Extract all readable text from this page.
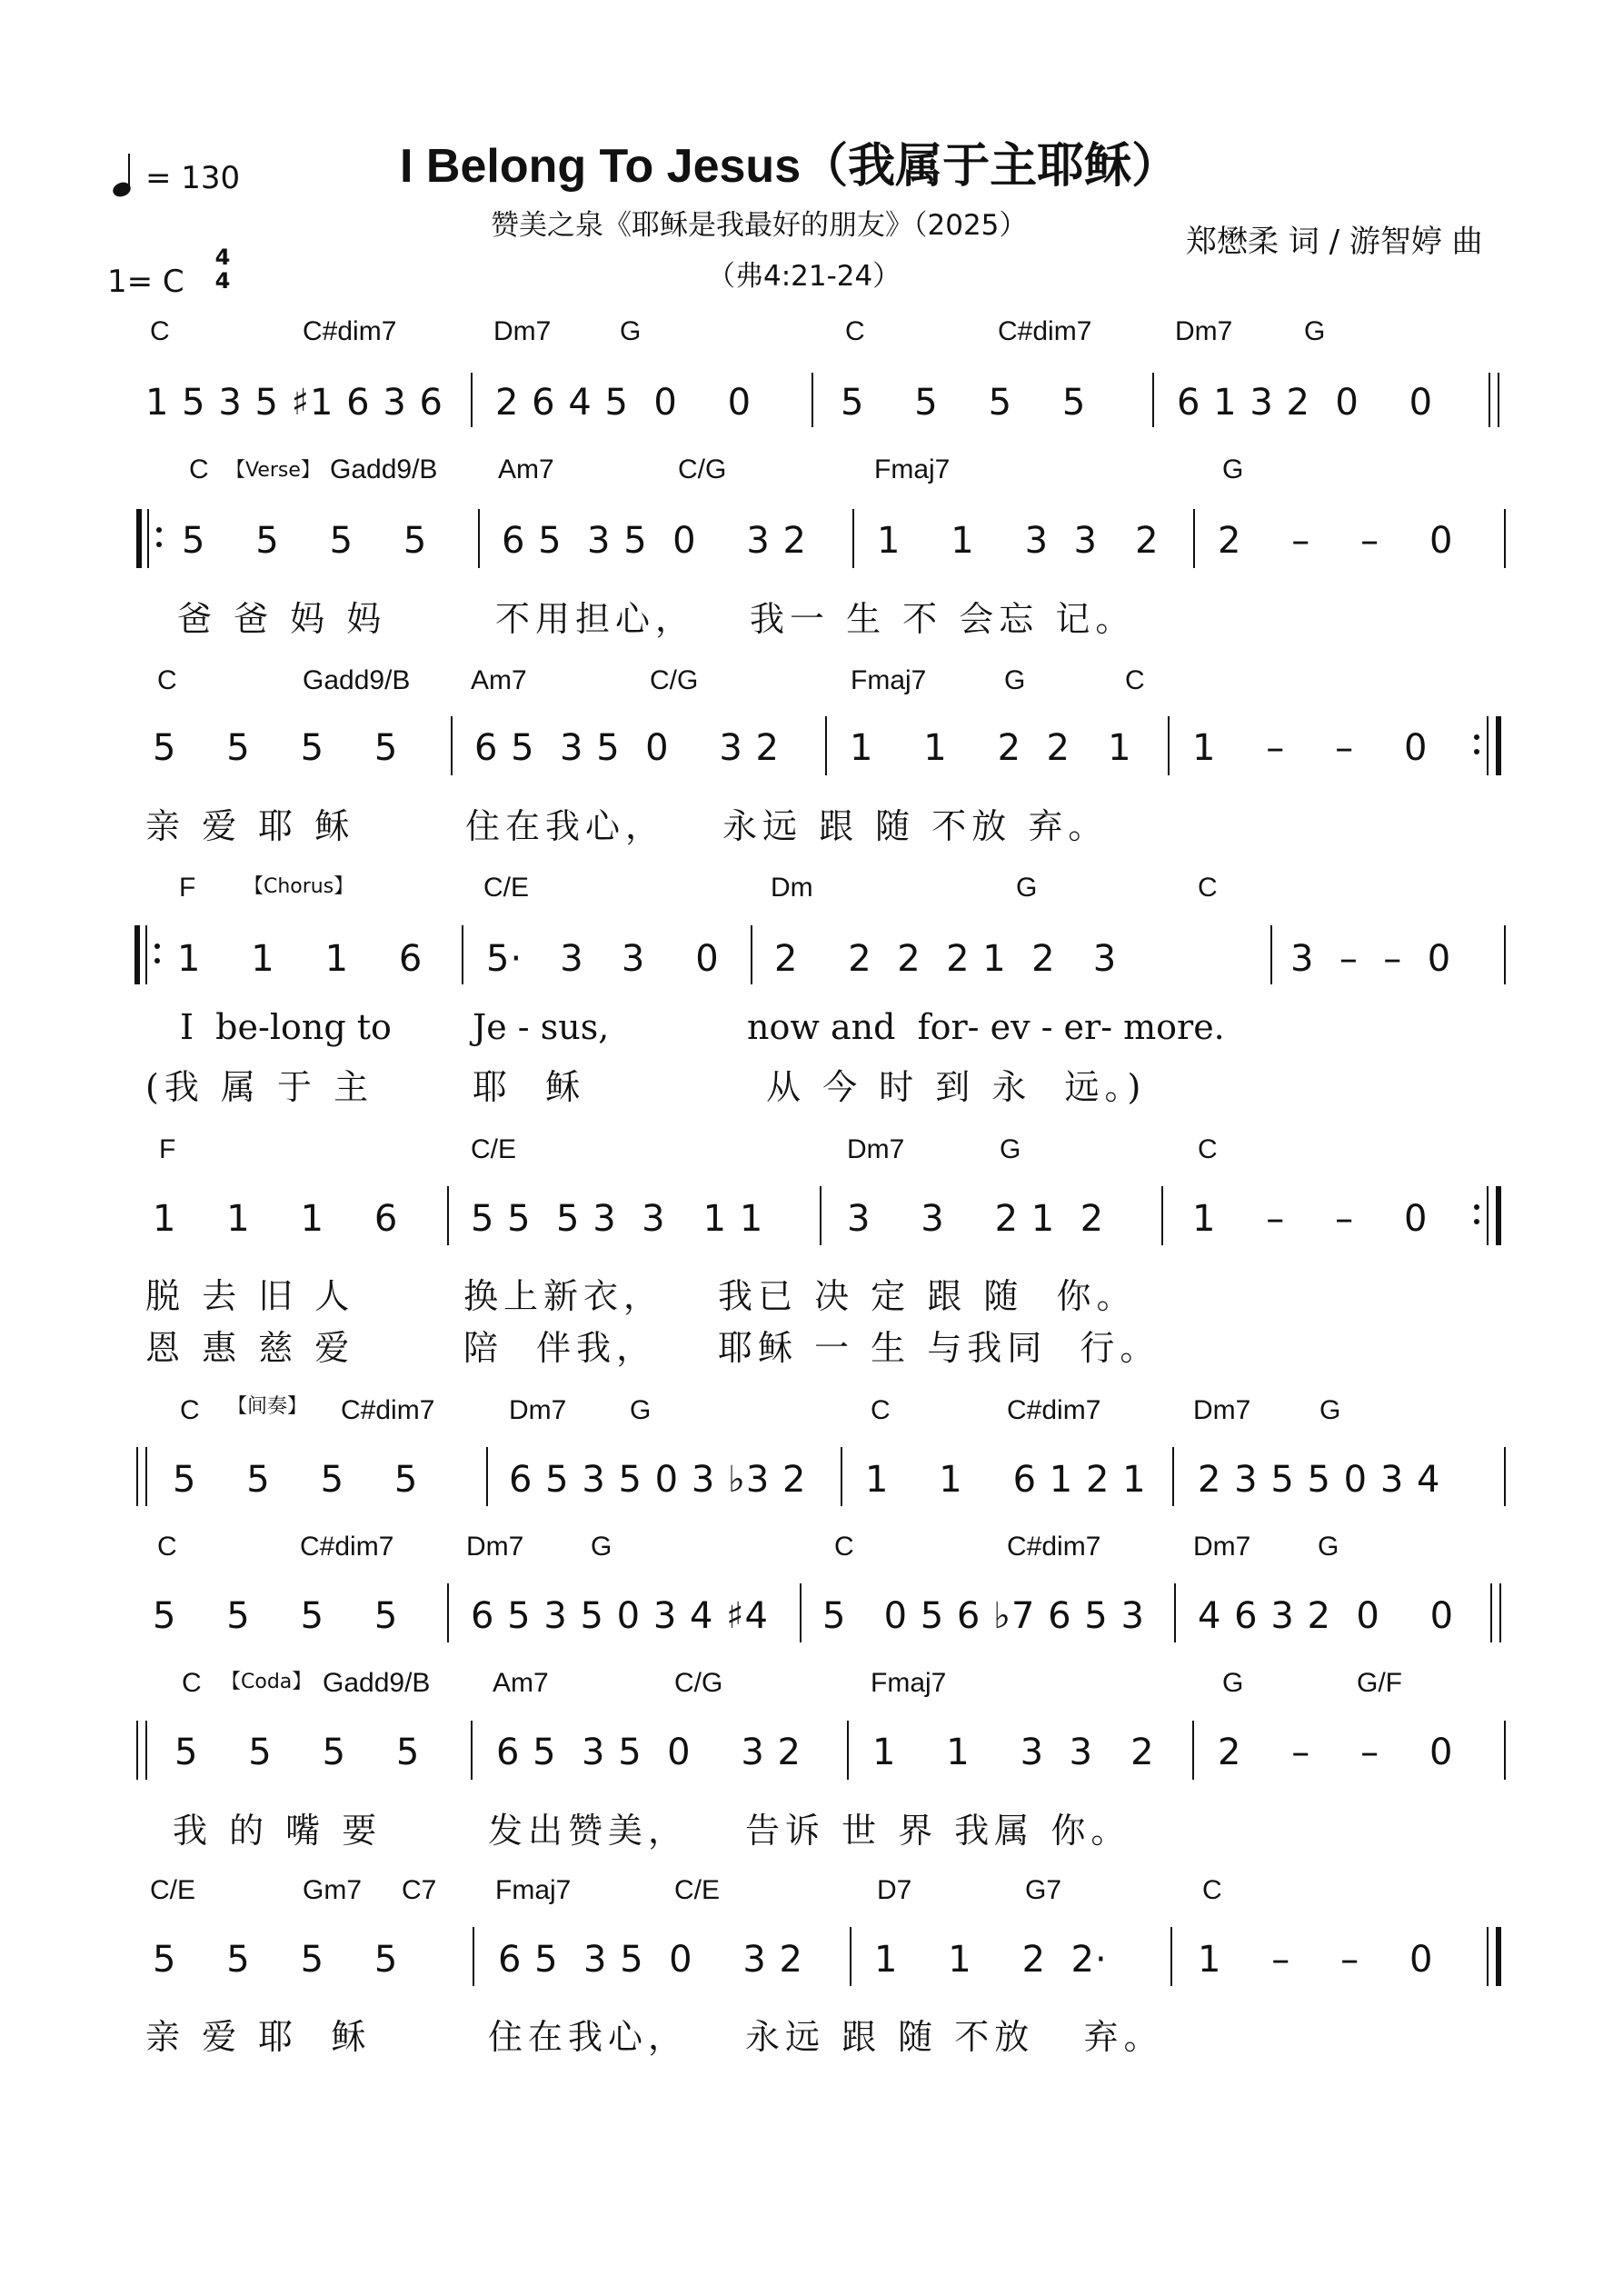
I Belong To Jesus（我属于主耶稣）
= 130
赞美之泉《耶稣是我最好的朋友》（2025）
（弗4:21-24）
郑懋柔 词 / 游智婷 曲
1= C
4
4
C	C#dim7	Dm7	G	C	C#dim7	Dm7	G
1 5 3 5 ♯1 6 3 6 2 6 4 5  0    0 5    5    5    5 6 1 3 2  0    0
C 【Verse】 Gadd9/B Am7	C/G	Fmaj7	G
5    5    5    5 6 5  3 5  0    3 2 1    1    3  3   2 2    –    –    0
爸 爸 妈 妈	不用担心， 我一 生 不 会忘 记。
C	Gadd9/B Am7	C/G	Fmaj7	G	C
5    5    5    5 6 5  3 5  0    3 2 1    1    2  2   1 1    –    –    0
亲 爱 耶 稣	住在我心， 永远 跟 随 不放 弃。
F 【Chorus】	C/E	Dm	G	C
1    1    1    6 5·   3   3    0 2    2  2  2 1  2   3	3  –  –  0
I  be-long to Je - sus,	now and  for- ev - er- more.
(我 属 于 主	耶  稣	从 今 时 到 永  远。)
F	C/E	Dm7	G	C
1    1    1    6 5 5  5 3  3   1 1 3    3    2 1  2 1    –    –    0
脱 去 旧 人	换上新衣， 我已 决 定 跟 随  你。
恩 惠 慈 爱	陪  伴我， 耶稣 一 生 与我同  行。
C 【间奏】 C#dim7	Dm7 G	C	C#dim7	Dm7	G
5    5    5    5 6 5 3 5 0 3 ♭3 2 1    1    6 1 2 1 2 3 5 5 0 3 4
C	C#dim7	Dm7 G	C	C#dim7	Dm7 G
5    5    5    5 6 5 3 5 0 3 4 ♯4 5   0 5 6 ♭7 6 5 3 4 6 3 2  0    0
C 【Coda】 Gadd9/B Am7	C/G	Fmaj7	G	G/F
5    5    5    5 6 5  3 5  0    3 2 1    1    3  3   2 2    –    –    0
我 的 嘴 要	发出赞美， 告诉 世 界 我属 你。
C/E	Gm7 C7 Fmaj7	C/E	D7	G7	C
5    5    5    5	6 5  3 5  0    3 2 1    1    2  2· 1    –    –    0
亲 爱 耶  稣	住在我心， 永远 跟 随 不放   弃。
